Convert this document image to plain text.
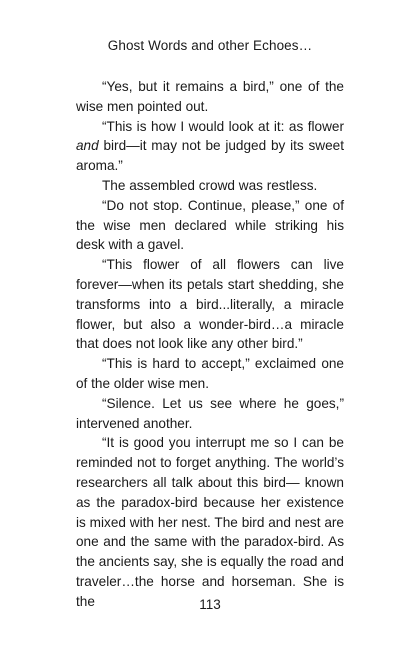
Ghost Words and other Echoes…

“Yes, but it remains a bird,” one of the wise men pointed out.

“This is how I would look at it: as flower and bird—it may not be judged by its sweet aroma.”

The assembled crowd was restless.

“Do not stop. Continue, please,” one of the wise men declared while striking his desk with a gavel.

“This flower of all flowers can live forever—when its petals start shedding, she transforms into a bird...literally, a miracle flower, but also a wonder-bird…a miracle that does not look like any other bird.”

“This is hard to accept,” exclaimed one of the older wise men.

“Silence. Let us see where he goes,” intervened another.

“It is good you interrupt me so I can be reminded not to forget anything. The world’s researchers all talk about this bird— known as the paradox-bird because her existence is mixed with her nest. The bird and nest are one and the same with the paradox-bird. As the ancients say, she is equally the road and traveler…the horse and horseman. She is the	113
